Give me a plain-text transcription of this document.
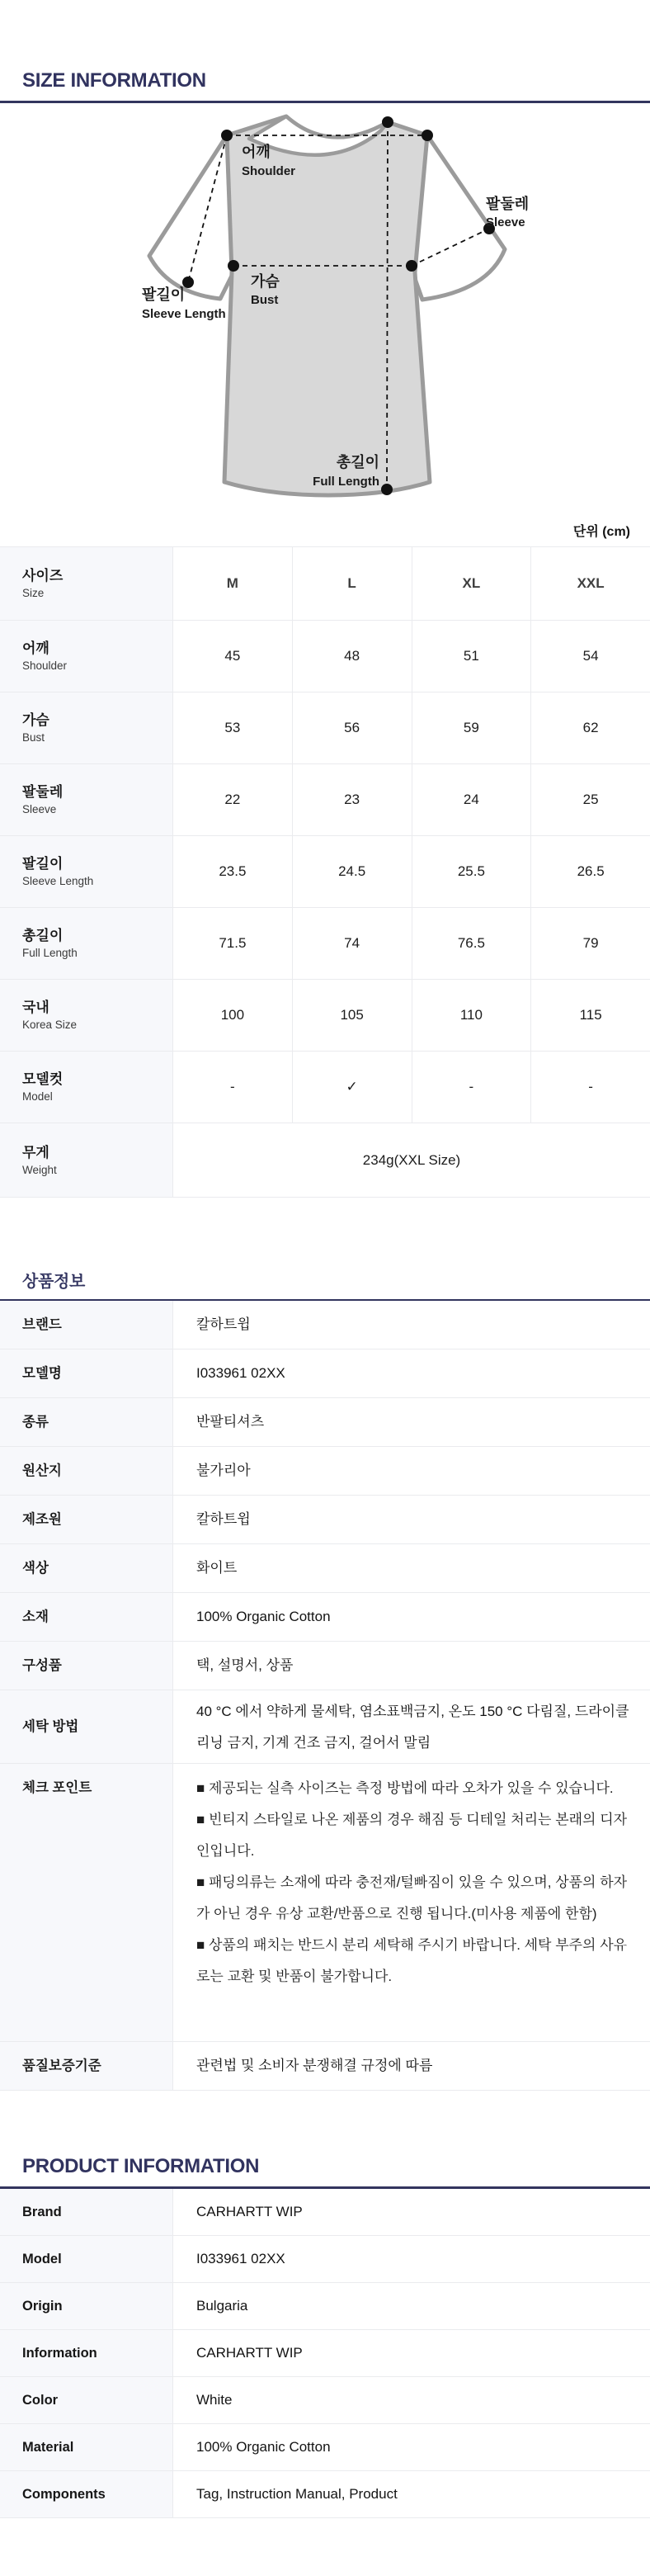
SIZE INFORMATION
어깨
Shoulder
팔둘레
Sleeve
가슴
Bust
팔길이
Sleeve Length
총길이
Full Length
단위 (cm)
사이즈
Size
M	L	XL	XXL
어깨
Shoulder
45	48	51	54
가슴
Bust
53	56	59	62
팔둘레
Sleeve
22	23	24	25
팔길이
Sleeve Length
23.5	24.5	25.5	26.5
총길이
Full Length
71.5	74	76.5	79
국내
Korea Size
100	105	110	115
모델컷
Model
-	✓	-	-
무게
Weight
234g(XXL Size)
상품정보
브랜드	칼하트윕
모델명	I033961 02XX
종류	반팔티셔츠
원산지	불가리아
제조원	칼하트윕
색상	화이트
소재	100% Organic Cotton
구성품	택, 설명서, 상품
세탁 방법
40 °C 에서 약하게 물세탁, 염소표백금지, 온도 150 °C 다림질, 드라이클리닝 금지, 기계 건조 금지, 걸어서 말림
체크 포인트	■ 제공되는 실측 사이즈는 측정 방법에 따라 오차가 있을 수 있습니다.
■ 빈티지 스타일로 나온 제품의 경우 해짐 등 디테일 처리는 본래의 디자인입니다.
■ 패딩의류는 소재에 따라 충전재/털빠짐이 있을 수 있으며, 상품의 하자가 아닌 경우 유상 교환/반품으로 진행 됩니다.(미사용 제품에 한함)
■ 상품의 패치는 반드시 분리 세탁해 주시기 바랍니다. 세탁 부주의 사유로는 교환 및 반품이 불가합니다.
품질보증기준	관련법 및 소비자 분쟁해결 규정에 따름
PRODUCT INFORMATION
Brand	CARHARTT WIP
Model	I033961 02XX
Origin	Bulgaria
Information	CARHARTT WIP
Color	White
Material	100% Organic Cotton
Components	Tag, Instruction Manual, Product
